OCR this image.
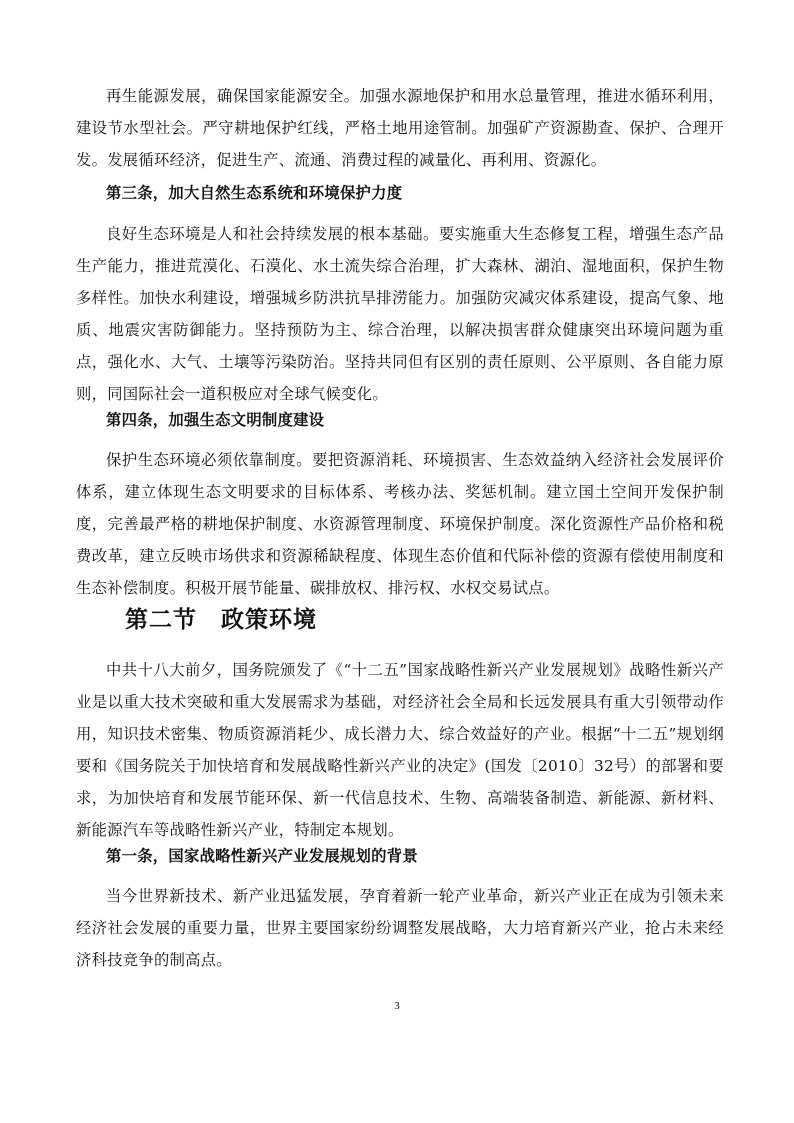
再生能源发展，确保国家能源安全。加强水源地保护和用水总量管理，推进水循环利用，建设节水型社会。严守耕地保护红线，严格土地用途管制。加强矿产资源勘查、保护、合理开发。发展循环经济，促进生产、流通、消费过程的减量化、再利用、资源化。

第三条，加大自然生态系统和环境保护力度

良好生态环境是人和社会持续发展的根本基础。要实施重大生态修复工程，增强生态产品生产能力，推进荒漠化、石漠化、水土流失综合治理，扩大森林、湖泊、湿地面积，保护生物多样性。加快水利建设，增强城乡防洪抗旱排涝能力。加强防灾减灾体系建设，提高气象、地质、地震灾害防御能力。坚持预防为主、综合治理，以解决损害群众健康突出环境问题为重点，强化水、大气、土壤等污染防治。坚持共同但有区别的责任原则、公平原则、各自能力原则，同国际社会一道积极应对全球气候变化。

第四条，加强生态文明制度建设

保护生态环境必须依靠制度。要把资源消耗、环境损害、生态效益纳入经济社会发展评价体系，建立体现生态文明要求的目标体系、考核办法、奖惩机制。建立国土空间开发保护制度，完善最严格的耕地保护制度、水资源管理制度、环境保护制度。深化资源性产品价格和税费改革，建立反映市场供求和资源稀缺程度、体现生态价值和代际补偿的资源有偿使用制度和生态补偿制度。积极开展节能量、碳排放权、排污权、水权交易试点。

第二节　政策环境

中共十八大前夕，国务院颁发了《“十二五”国家战略性新兴产业发展规划》战略性新兴产业是以重大技术突破和重大发展需求为基础，对经济社会全局和长远发展具有重大引领带动作用，知识技术密集、物质资源消耗少、成长潜力大、综合效益好的产业。根据“十二五”规划纲要和《国务院关于加快培育和发展战略性新兴产业的决定》(国发〔2010〕32号）的部署和要求，为加快培育和发展节能环保、新一代信息技术、生物、高端装备制造、新能源、新材料、新能源汽车等战略性新兴产业，特制定本规划。

第一条，国家战略性新兴产业发展规划的背景

当今世界新技术、新产业迅猛发展，孕育着新一轮产业革命，新兴产业正在成为引领未来经济社会发展的重要力量，世界主要国家纷纷调整发展战略，大力培育新兴产业，抢占未来经济科技竞争的制高点。

3
